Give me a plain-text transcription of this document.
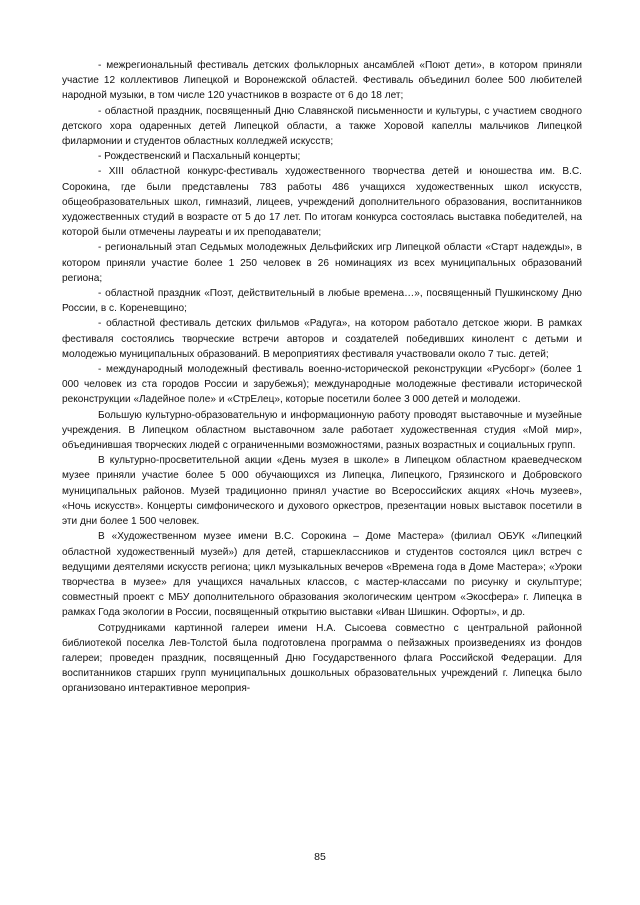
- межрегиональный фестиваль детских фольклорных ансамблей «Поют дети», в котором приняли участие 12 коллективов Липецкой и Воронежской областей. Фестиваль объединил более 500 любителей народной музыки, в том числе 120 участников в возрасте от 6 до 18 лет;

- областной праздник, посвященный Дню Славянской письменности и культуры, с участием сводного детского хора одаренных детей Липецкой области, а также Хоровой капеллы мальчиков Липецкой филармонии и студентов областных колледжей искусств;

- Рождественский и Пасхальный концерты;

- XIII областной конкурс-фестиваль художественного творчества детей и юношества им. В.С. Сорокина, где были представлены 783 работы 486 учащихся художественных школ искусств, общеобразовательных школ, гимназий, лицеев, учреждений дополнительного образования, воспитанников художественных студий в возрасте от 5 до 17 лет. По итогам конкурса состоялась выставка победителей, на которой были отмечены лауреаты и их преподаватели;

- региональный этап Седьмых молодежных Дельфийских игр Липецкой области «Старт надежды», в котором приняли участие более 1 250 человек в 26 номинациях из всех муниципальных образований региона;

- областной праздник «Поэт, действительный в любые времена…», посвященный Пушкинскому Дню России, в с. Кореневщино;

- областной фестиваль детских фильмов «Радуга», на котором работало детское жюри. В рамках фестиваля состоялись творческие встречи авторов и создателей победивших кинолент с детьми и молодежью муниципальных образований. В мероприятиях фестиваля участвовали около 7 тыс. детей;

- международный молодежный фестиваль военно-исторической реконструкции «Русборг» (более 1 000 человек из ста городов России и зарубежья); международные молодежные фестивали исторической реконструкции «Ладейное поле» и «СтрЕлец», которые посетили более 3 000 детей и молодежи.

Большую культурно-образовательную и информационную работу проводят выставочные и музейные учреждения. В Липецком областном выставочном зале работает художественная студия «Мой мир», объединившая творческих людей с ограниченными возможностями, разных возрастных и социальных групп.

В культурно-просветительной акции «День музея в школе» в Липецком областном краеведческом музее приняли участие более 5 000 обучающихся из Липецка, Липецкого, Грязинского и Добровского муниципальных районов. Музей традиционно принял участие во Всероссийских акциях «Ночь музеев», «Ночь искусств». Концерты симфонического и духового оркестров, презентации новых выставок посетили в эти дни более 1 500 человек.

В «Художественном музее имени В.С. Сорокина – Доме Мастера» (филиал ОБУК «Липецкий областной художественный музей») для детей, старшеклассников и студентов состоялся цикл встреч с ведущими деятелями искусств региона; цикл музыкальных вечеров «Времена года в Доме Мастера»; «Уроки творчества в музее» для учащихся начальных классов, с мастер-классами по рисунку и скульптуре; совместный проект с МБУ дополнительного образования экологическим центром «Экосфера» г. Липецка в рамках Года экологии в России, посвященный открытию выставки «Иван Шишкин. Офорты», и др.

Сотрудниками картинной галереи имени Н.А. Сысоева совместно с центральной районной библиотекой поселка Лев-Толстой была подготовлена программа о пейзажных произведениях из фондов галереи; проведен праздник, посвященный Дню Государственного флага Российской Федерации. Для воспитанников старших групп муниципальных дошкольных образовательных учреждений г. Липецка было организовано интерактивное мероприя-

85
